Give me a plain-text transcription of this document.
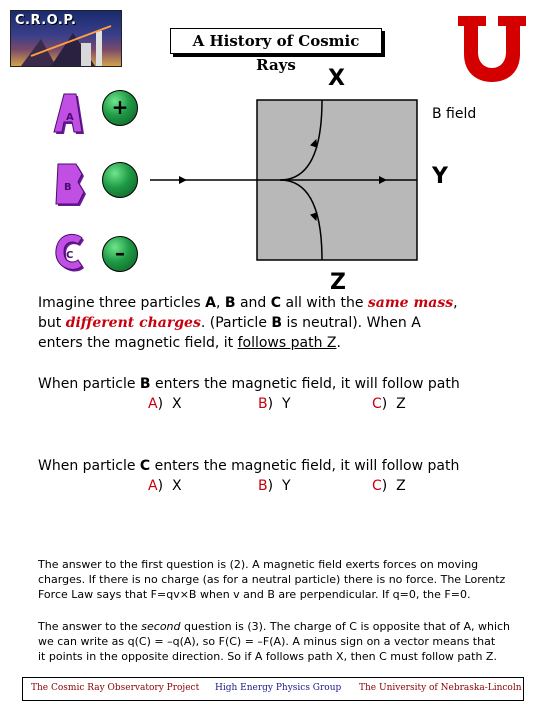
C.R.O.P.
A History of Cosmic Rays
A
B
C
+
–
X
B field
Y
Z
Imagine three particles A, B and C all with the same mass,
but different charges. (Particle B is neutral). When A
enters the magnetic field, it follows path Z.
When particle B enters the magnetic field, it will follow path
A) X	B) Y	C) Z
When particle C enters the magnetic field, it will follow path
A) X	B) Y	C) Z
The answer to the first question is (2). A magnetic field exerts forces on moving
charges. If there is no charge (as for a neutral particle) there is no force. The Lorentz
Force Law says that F=qv×B when v and B are perpendicular. If q=0, the F=0.
The answer to the second question is (3). The charge of C is opposite that of A, which
we can write as q(C) = –q(A), so F(C) = –F(A). A minus sign on a vector means that
it points in the opposite direction. So if A follows path X, then C must follow path Z.
The Cosmic Ray Observatory Project High Energy Physics Group The University of Nebraska-Lincoln
